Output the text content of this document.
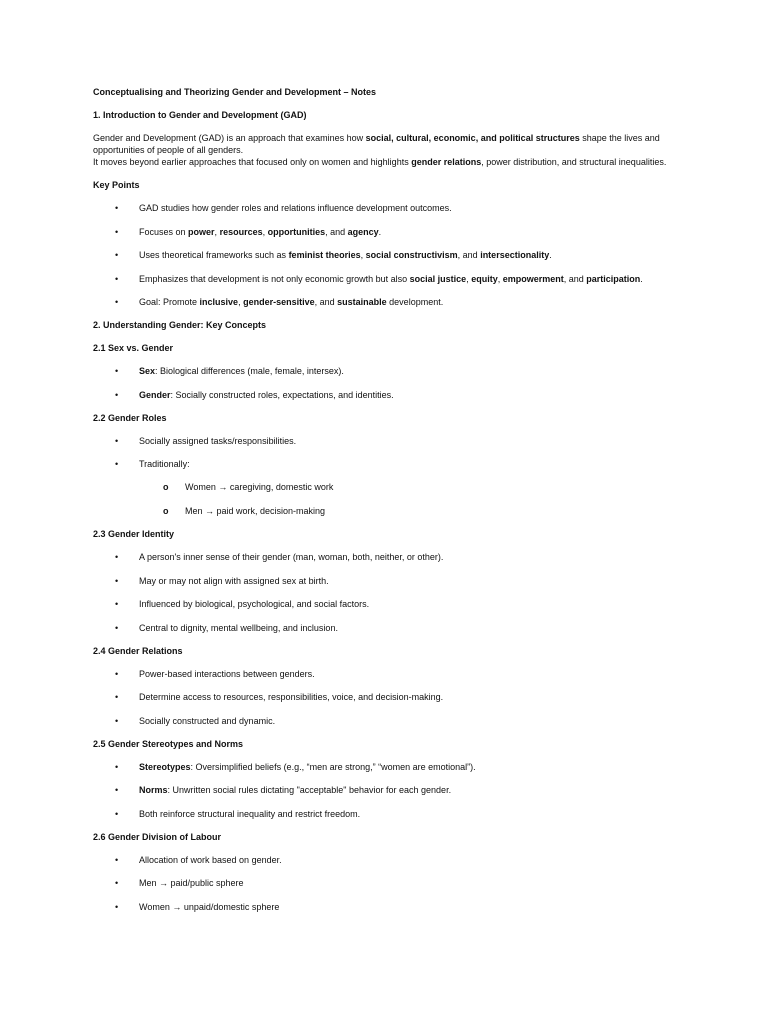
Conceptualising and Theorizing Gender and Development – Notes
1. Introduction to Gender and Development (GAD)
Gender and Development (GAD) is an approach that examines how social, cultural, economic, and political structures shape the lives and opportunities of people of all genders.
It moves beyond earlier approaches that focused only on women and highlights gender relations, power distribution, and structural inequalities.
Key Points
• GAD studies how gender roles and relations influence development outcomes.
• Focuses on power, resources, opportunities, and agency.
• Uses theoretical frameworks such as feminist theories, social constructivism, and intersectionality.
• Emphasizes that development is not only economic growth but also social justice, equity, empowerment, and participation.
• Goal: Promote inclusive, gender-sensitive, and sustainable development.
2. Understanding Gender: Key Concepts
2.1 Sex vs. Gender
• Sex: Biological differences (male, female, intersex).
• Gender: Socially constructed roles, expectations, and identities.
2.2 Gender Roles
• Socially assigned tasks/responsibilities.
• Traditionally:
o Women → caregiving, domestic work
o Men → paid work, decision-making
2.3 Gender Identity
• A person's inner sense of their gender (man, woman, both, neither, or other).
• May or may not align with assigned sex at birth.
• Influenced by biological, psychological, and social factors.
• Central to dignity, mental wellbeing, and inclusion.
2.4 Gender Relations
• Power-based interactions between genders.
• Determine access to resources, responsibilities, voice, and decision-making.
• Socially constructed and dynamic.
2.5 Gender Stereotypes and Norms
• Stereotypes: Oversimplified beliefs (e.g., “men are strong,” “women are emotional”).
• Norms: Unwritten social rules dictating "acceptable" behavior for each gender.
• Both reinforce structural inequality and restrict freedom.
2.6 Gender Division of Labour
• Allocation of work based on gender.
• Men → paid/public sphere
• Women → unpaid/domestic sphere
